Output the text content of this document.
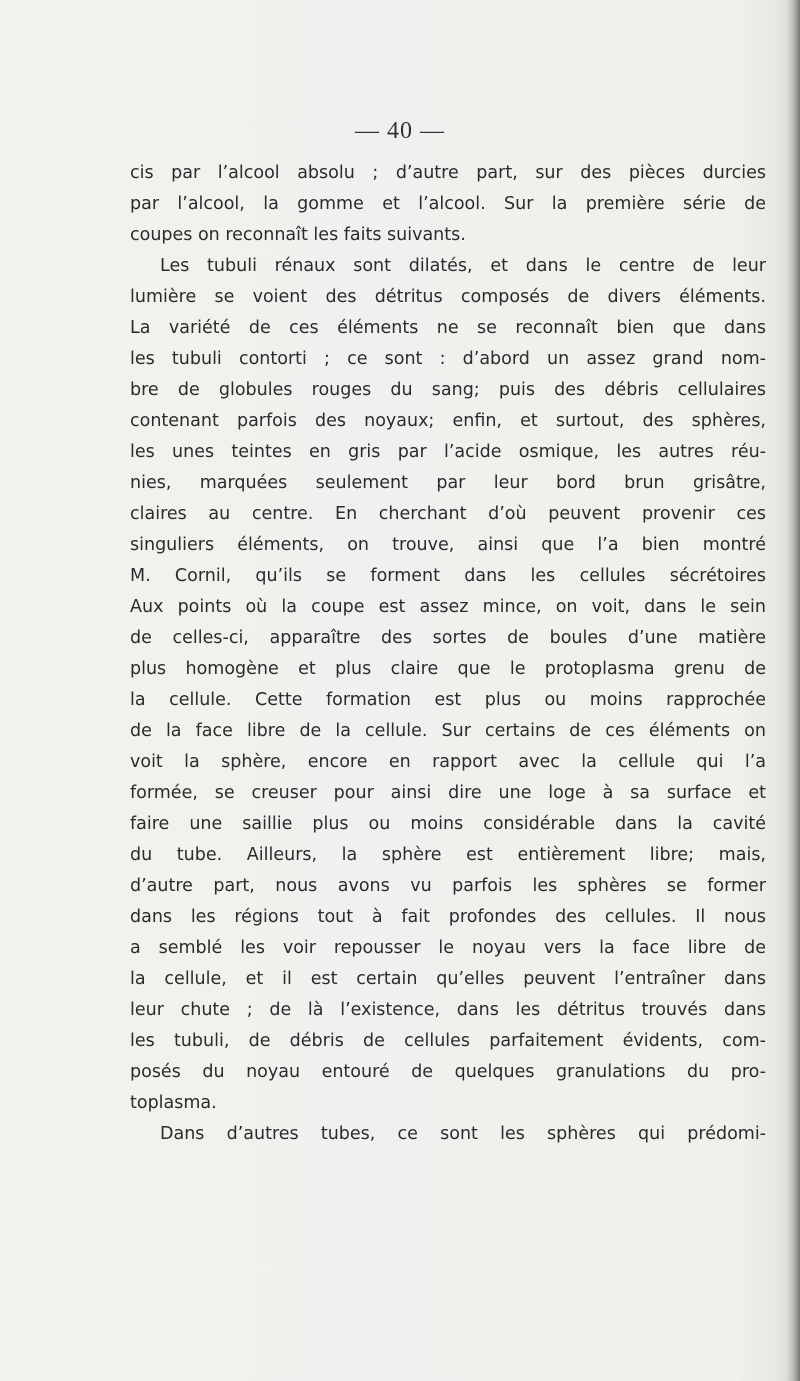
— 40 —
cis par l’alcool absolu ; d’autre part, sur des pièces durcies
par l’alcool, la gomme et l’alcool. Sur la première série de
coupes on reconnaît les faits suivants.
Les tubuli rénaux sont dilatés, et dans le centre de leur
lumière se voient des détritus composés de divers éléments.
La variété de ces éléments ne se reconnaît bien que dans
les tubuli contorti ; ce sont : d’abord un assez grand nom-
bre de globules rouges du sang; puis des débris cellulaires
contenant parfois des noyaux; enfin, et surtout, des sphères,
les unes teintes en gris par l’acide osmique, les autres réu-
nies, marquées seulement par leur bord brun grisâtre,
claires au centre. En cherchant d’où peuvent provenir ces
singuliers éléments, on trouve, ainsi que l’a bien montré
M. Cornil, qu’ils se forment dans les cellules sécrétoires
Aux points où la coupe est assez mince, on voit, dans le sein
de celles-ci, apparaître des sortes de boules d’une matière
plus homogène et plus claire que le protoplasma grenu de
la cellule. Cette formation est plus ou moins rapprochée
de la face libre de la cellule. Sur certains de ces éléments on
voit la sphère, encore en rapport avec la cellule qui l’a
formée, se creuser pour ainsi dire une loge à sa surface et
faire une saillie plus ou moins considérable dans la cavité
du tube. Ailleurs, la sphère est entièrement libre; mais,
d’autre part, nous avons vu parfois les sphères se former
dans les régions tout à fait profondes des cellules. Il nous
a semblé les voir repousser le noyau vers la face libre de
la cellule, et il est certain qu’elles peuvent l’entraîner dans
leur chute ; de là l’existence, dans les détritus trouvés dans
les tubuli, de débris de cellules parfaitement évidents, com-
posés du noyau entouré de quelques granulations du pro-
toplasma.
Dans d’autres tubes, ce sont les sphères qui prédomi-
